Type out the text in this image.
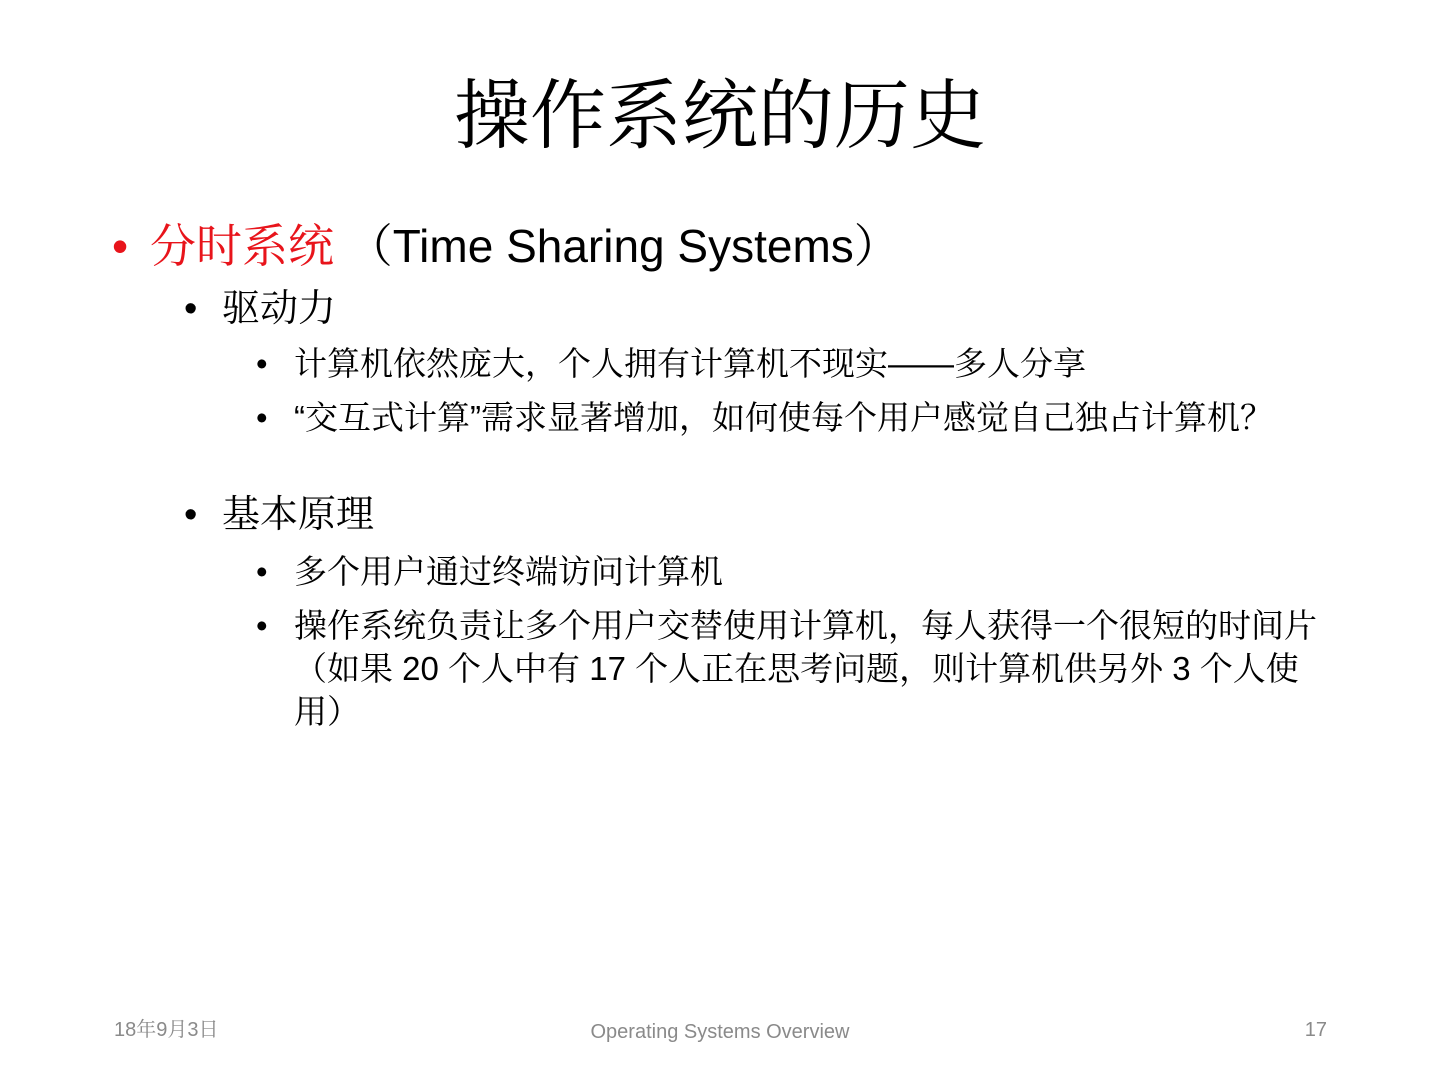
操作系统的历史
• 分时系统 （Time Sharing Systems）
• 驱动力
• 计算机依然庞大，个人拥有计算机不现实——多人分享
• “交互式计算”需求显著增加，如何使每个用户感觉自己独占计算机？
• 基本原理
• 多个用户通过终端访问计算机
• 操作系统负责让多个用户交替使用计算机，每人获得一个很短的时间片（如果 20 个人中有 17 个人正在思考问题，则计算机供另外 3 个人使用）
18年9月3日	Operating Systems Overview	17
